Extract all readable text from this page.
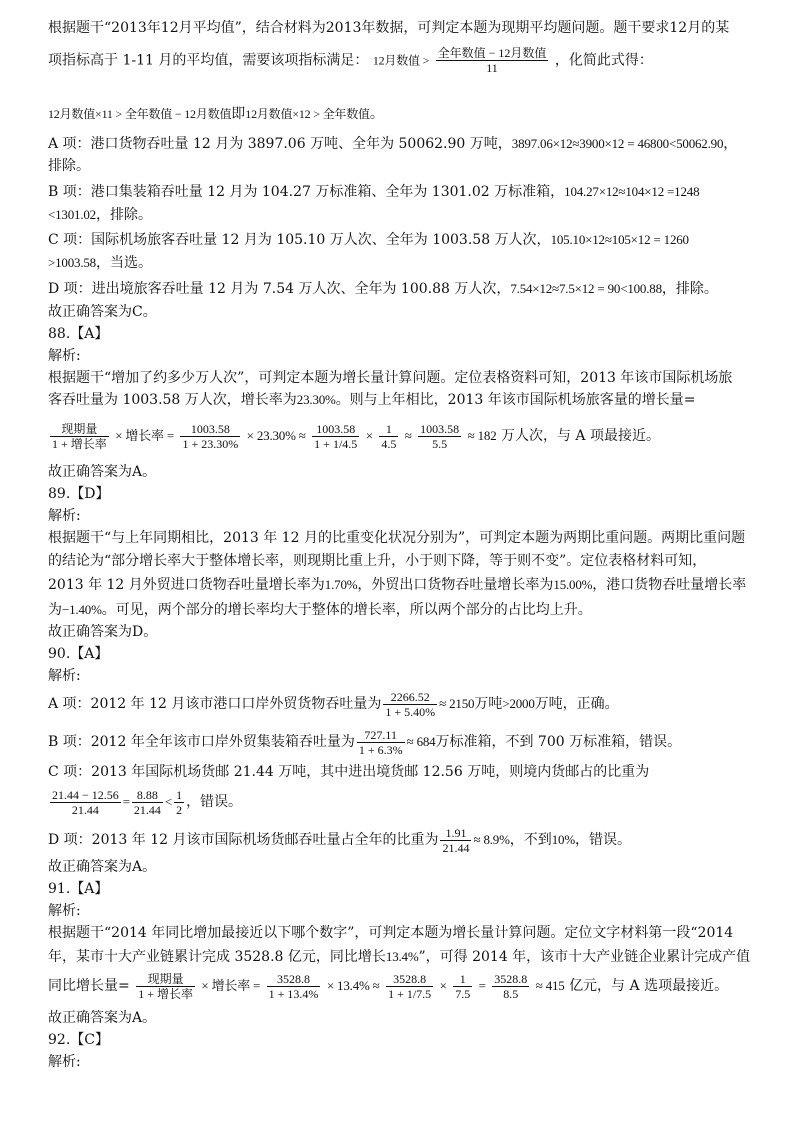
根据题干“2013年12月平均值”，结合材料为2013年数据，可判定本题为现期平均题问题。题干要求12月的某
项指标高于 1-11 月的平均值，需要该项指标满足： 12月数值 > $\frac{\text{全年数值 − 12月数值}}{11}$ ，化简此式得：
12月数值×11 > 全年数值 − 12月数值即12月数值×12 > 全年数值。
A 项：港口货物吞吐量 12 月为 3897.06 万吨、全年为 50062.90 万吨，3897.06×12≈3900×12 = 46800<50062.90，
排除。
B 项：港口集装箱吞吐量 12 月为 104.27 万标准箱、全年为 1301.02 万标准箱，104.27×12≈104×12 =1248
<1301.02，排除。
C 项：国际机场旅客吞吐量 12 月为 105.10 万人次、全年为 1003.58 万人次，105.10×12≈105×12 = 1260
>1003.58，当选。
D 项：进出境旅客吞吐量 12 月为 7.54 万人次、全年为 100.88 万人次，7.54×12≈7.5×12 = 90<100.88，排除。
故正确答案为C。
88.【A】
解析:
根据题干“增加了约多少万人次”，可判定本题为增长量计算问题。定位表格资料可知，2013 年该市国际机场旅
客吞吐量为 1003.58 万人次，增长率为23.30%。则与上年相比，2013 年该市国际机场旅客量的增长量=
$\frac{\text{现期量}}{\text{1 + 增长率}}$ × 增长率 = $\frac{1003.58}{1 + 23.30\%} \times 23.30\% \approx \frac{1003.58}{1 + 1/4.5} \times \frac{1}{4.5} \approx \frac{1003.58}{5.5} \approx 182$ 万人次，与 A 项最接近。
故正确答案为A。
89.【D】
解析:
根据题干“与上年同期相比，2013 年 12 月的比重变化状况分别为”，可判定本题为两期比重问题。两期比重问题
的结论为“部分增长率大于整体增长率，则现期比重上升，小于则下降，等于则不变”。定位表格材料可知，
2013 年 12 月外贸进口货物吞吐量增长率为1.70%，外贸出口货物吞吐量增长率为15.00%，港口货物吞吐量增长率
为−1.40%。可见，两个部分的增长率均大于整体的增长率，所以两个部分的占比均上升。
故正确答案为D。
90.【A】
解析:
A 项：2012 年 12 月该市港口口岸外贸货物吞吐量为 $\frac{2266.52}{1 + 5.40\%} \approx 2150$万吨>2000万吨，正确。
B 项：2012 年全年该市口岸外贸集装箱吞吐量为 $\frac{727.11}{1 + 6.3\%} \approx 684$万标准箱，不到 700 万标准箱，错误。
C 项：2013 年国际机场货邮 21.44 万吨，其中进出境货邮 12.56 万吨，则境内货邮占的比重为
$\frac{21.44 - 12.56}{21.44} = \frac{8.88}{21.44} < \frac{1}{2}$ ，错误。
D 项：2013 年 12 月该市国际机场货邮吞吐量占全年的比重为 $\frac{1.91}{21.44} \approx 8.9\%$，不到10%，错误。
故正确答案为A。
91.【A】
解析:
根据题干“2014 年同比增加最接近以下哪个数字”，可判定本题为增长量计算问题。定位文字材料第一段“2014
年，某市十大产业链累计完成 3528.8 亿元，同比增长13.4%”，可得 2014 年，该市十大产业链企业累计完成产值
同比增长量= $\frac{\text{现期量}}{\text{1 + 增长率}}$ × 增长率 = $\frac{3528.8}{1 + 13.4\%} \times 13.4\% \approx \frac{3528.8}{1 + 1/7.5} \times \frac{1}{7.5} = \frac{3528.8}{8.5} \approx 415$ 亿元，与 A 选项最接近。
故正确答案为A。
92.【C】
解析:
